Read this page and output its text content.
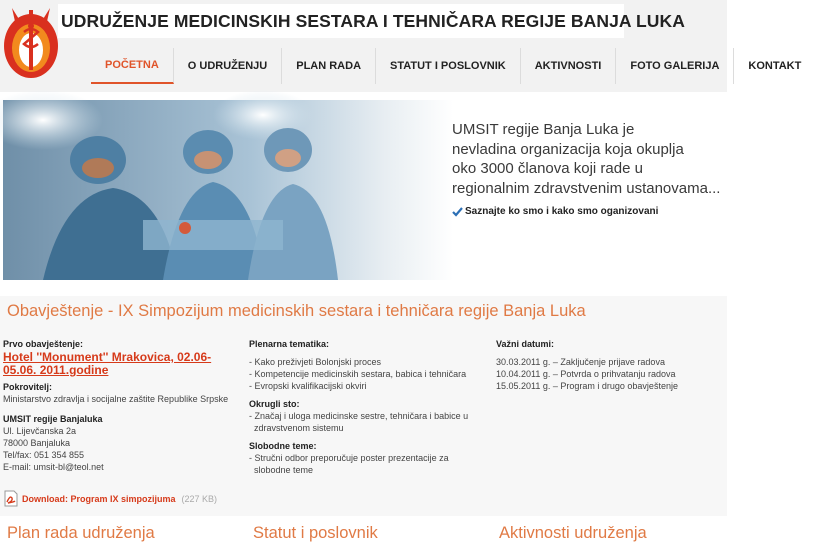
UDRUŽENJE MEDICINSKIH SESTARA I TEHNIČARA REGIJE BANJA LUKA
POČETNA	O UDRUŽENJU	PLAN RADA	STATUT I POSLOVNIK	AKTIVNOSTI	FOTO GALERIJA	KONTAKT
UMSIT regije Banja Luka je
nevladina organizacija koja okuplja
oko 3000 članova koji rade u
regionalnim zdravstvenim ustanovama...
Saznajte ko smo i kako smo oganizovani
Obavještenje - IX Simpozijum medicinskih sestara i tehničara regije Banja Luka
Prvo obavještenje:
Hotel ''Monument'' Mrakovica, 02.06-05.06. 2011.godine
Pokrovitelj:
Ministarstvo zdravlja i socijalne zaštite Republike Srpske
UMSIT regije Banjaluka
Ul. Lijevčanska 2a
78000 Banjaluka
Tel/fax: 051 354 855
E-mail: umsit-bl@teol.net
Plenarna tematika:
- Kako preživjeti Bolonjski proces
- Kompetencije medicinskih sestara, babica i tehničara
- Evropski kvalifikacijski okviri
Okrugli sto:
- Značaj i uloga medicinske sestre, tehničara i babice u
zdravstvenom sistemu
Slobodne teme:
- Stručni odbor preporučuje poster prezentacije za
slobodne teme
Važni datumi:
30.03.2011 g. – Zaključenje prijave radova
10.04.2011 g. – Potvrda o prihvatanju radova
15.05.2011 g. – Program i drugo obavještenje
Download: Program IX simpozijuma (227 KB)
Plan rada udruženja	Statut i poslovnik	Aktivnosti udruženja
